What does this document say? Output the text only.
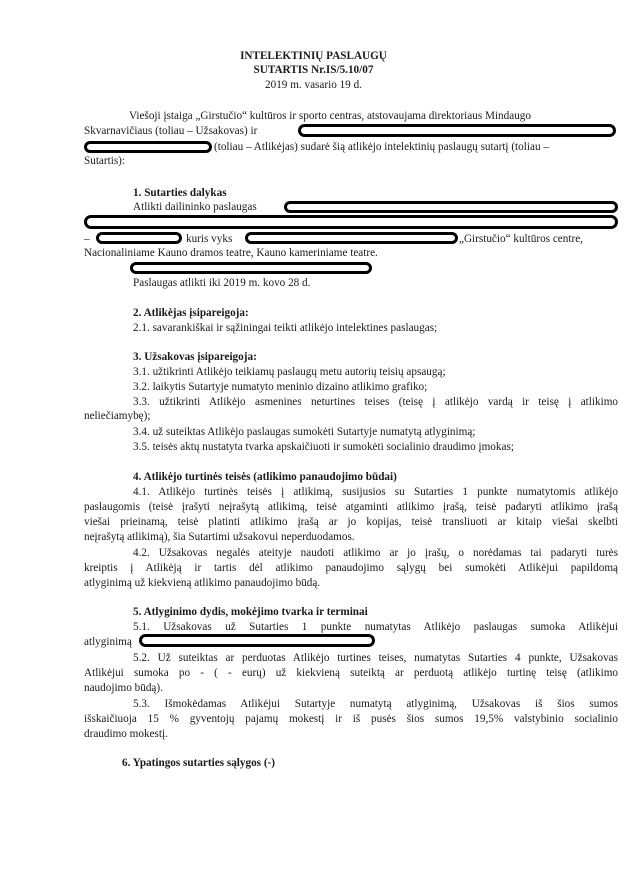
INTELEKTINIŲ PASLAUGŲ
SUTARTIS Nr.IS/5.10/07
2019 m. vasario 19 d.
Viešoji įstaiga „Girstučio“ kultūros ir sporto centras, atstovaujama direktoriaus Mindaugo
Skvarnavičiaus (toliau – Užsakovas) ir
(toliau – Atlikėjas) sudarė šią atlikėjo intelektinių paslaugų sutartį (toliau –
Sutartis):
1. Sutarties dalykas
Atlikti dailininko paslaugas
–	kuris vyks	„Girstučio“ kultūros centre,
Nacionaliniame Kauno dramos teatre, Kauno kameriniame teatre.
Paslaugas atlikti iki 2019 m. kovo 28 d.
2. Atlikėjas įsipareigoja:
2.1. savarankiškai ir sąžiningai teikti atlikėjo intelektines paslaugas;
3. Užsakovas įsipareigoja:
3.1. užtikrinti Atlikėjo teikiamų paslaugų metu autorių teisių apsaugą;
3.2. laikytis Sutartyje numatyto meninio dizaino atlikimo grafiko;
3.3. užtikrinti Atlikėjo asmenines neturtines teises (teisę į atlikėjo vardą ir teisę į atlikimo
neliečiamybę);
3.4. už suteiktas Atlikėjo paslaugas sumokėti Sutartyje numatytą atlyginimą;
3.5. teisės aktų nustatyta tvarka apskaičiuoti ir sumokėti socialinio draudimo įmokas;
4. Atlikėjo turtinės teisės (atlikimo panaudojimo būdai)
4.1. Atlikėjo turtinės teisės į atlikimą, susijusios su Sutarties 1 punkte numatytomis atlikėjo
paslaugomis (teisė įrašyti neįrašytą atlikimą, teisė atgaminti atlikimo įrašą, teisė padaryti atlikimo įrašą
viešai prieinamą, teisė platinti atlikimo įrašą ar jo kopijas, teisė transliuoti ar kitaip viešai skelbti
neįrašytą atlikimą), šia Sutartimi užsakovui neperduodamos.
4.2. Užsakovas negalės ateityje naudoti atlikimo ar jo įrašų, o norėdamas tai padaryti turės
kreiptis į Atlikėją ir tartis dėl atlikimo panaudojimo sąlygų bei sumokėti Atlikėjui papildomą
atlyginimą už kiekvieną atlikimo panaudojimo būdą.
5. Atlyginimo dydis, mokėjimo tvarka ir terminai
5.1. Užsakovas už Sutarties 1 punkte numatytas Atlikėjo paslaugas sumoka Atlikėjui
atlyginimą
5.2. Už suteiktas ar perduotas Atlikėjo turtines teises, numatytas Sutarties 4 punkte, Užsakovas
Atlikėjui sumoka po - ( - eurų) už kiekvieną suteiktą ar perduotą atlikėjo turtinę teisę (atlikimo
naudojimo būdą).
5.3. Išmokėdamas Atlikėjui Sutartyje numatytą atlyginimą, Užsakovas iš šios sumos
išskaičiuoja 15 % gyventojų pajamų mokestį ir iš pusės šios sumos 19,5% valstybinio socialinio
draudimo mokestį.
6. Ypatingos sutarties sąlygos (-)
